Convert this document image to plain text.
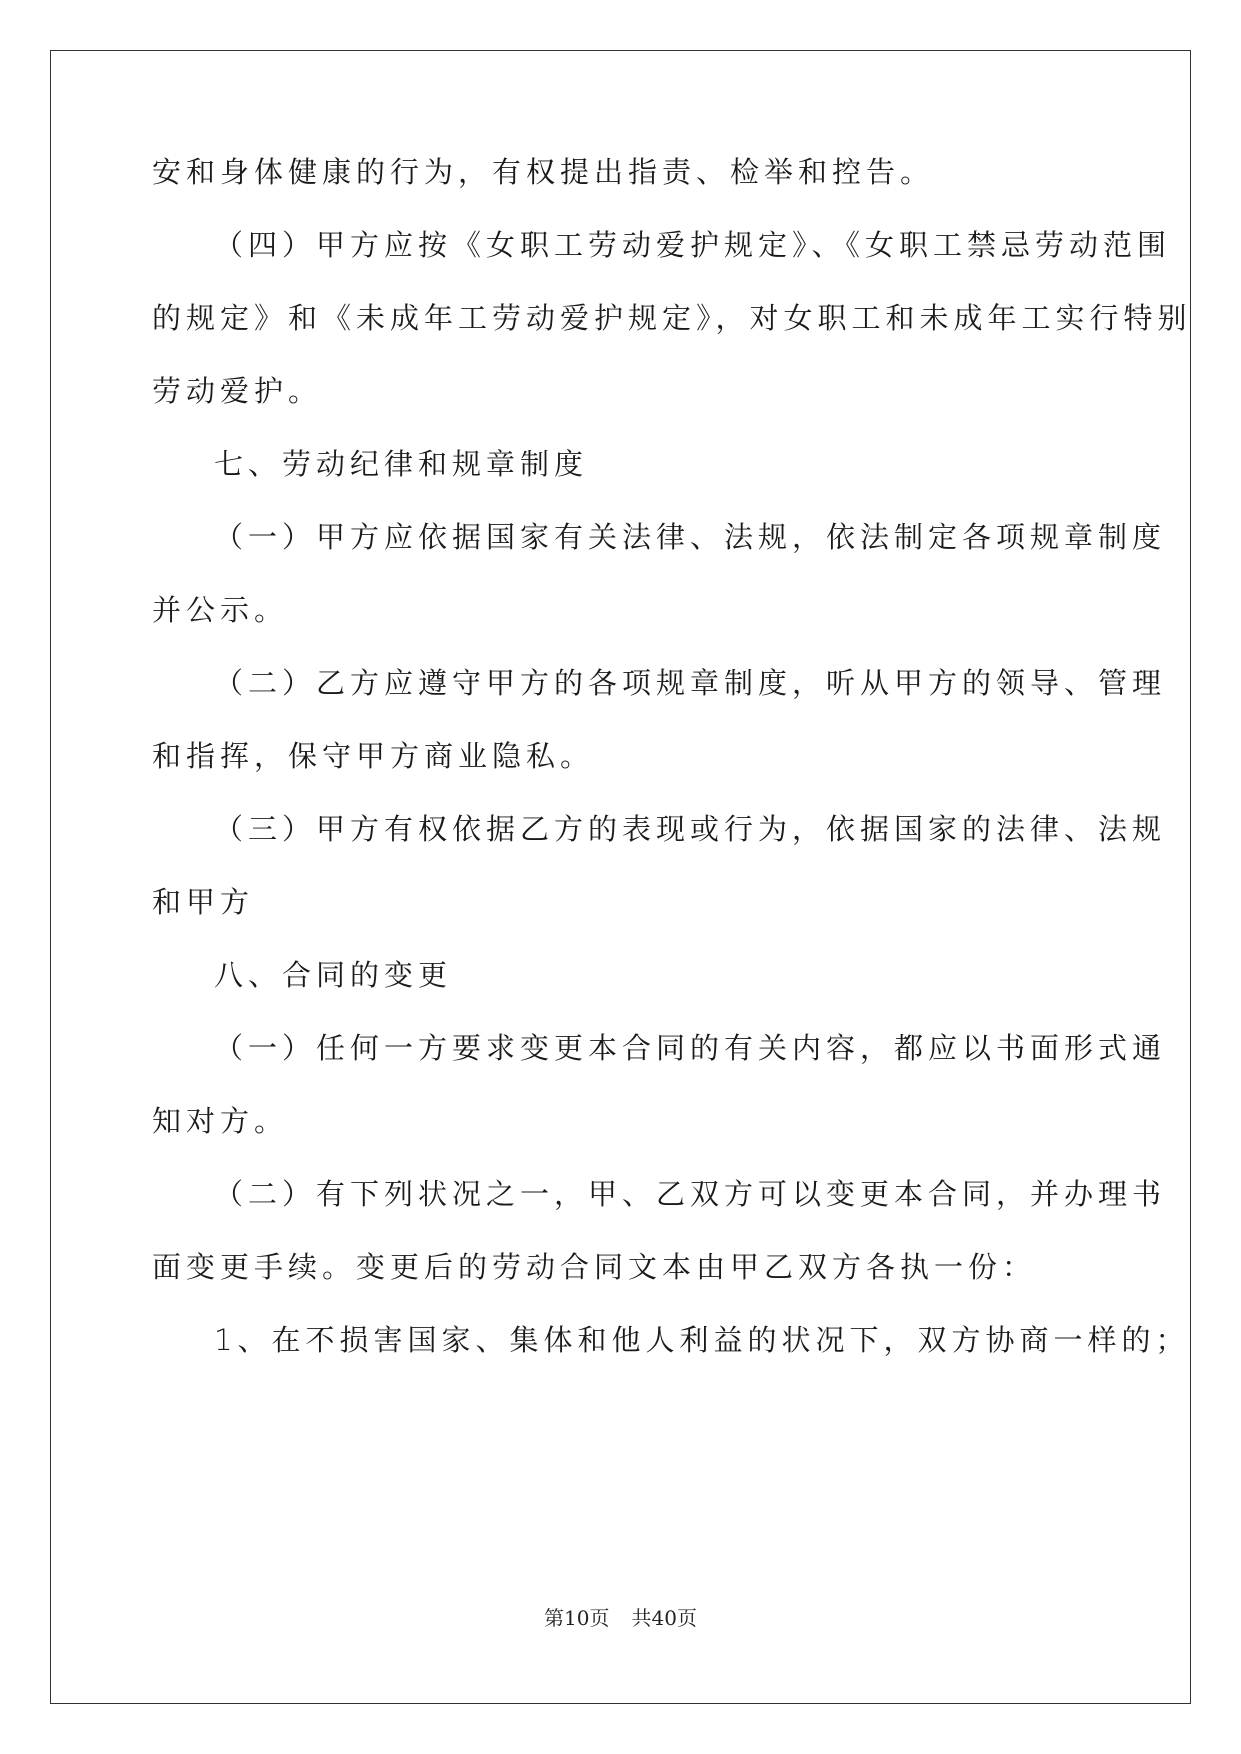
安和身体健康的行为，有权提出指责、检举和控告。
（四）甲方应按《女职工劳动爱护规定》、《女职工禁忌劳动范围
的规定》和《未成年工劳动爱护规定》，对女职工和未成年工实行特别
劳动爱护。
七、劳动纪律和规章制度
（一）甲方应依据国家有关法律、法规，依法制定各项规章制度
并公示。
（二）乙方应遵守甲方的各项规章制度，听从甲方的领导、管理
和指挥，保守甲方商业隐私。
（三）甲方有权依据乙方的表现或行为，依据国家的法律、法规
和甲方
八、合同的变更
（一）任何一方要求变更本合同的有关内容，都应以书面形式通
知对方。
（二）有下列状况之一，甲、乙双方可以变更本合同，并办理书
面变更手续。变更后的劳动合同文本由甲乙双方各执一份：
1、在不损害国家、集体和他人利益的状况下，双方协商一样的；
第10页 共40页
